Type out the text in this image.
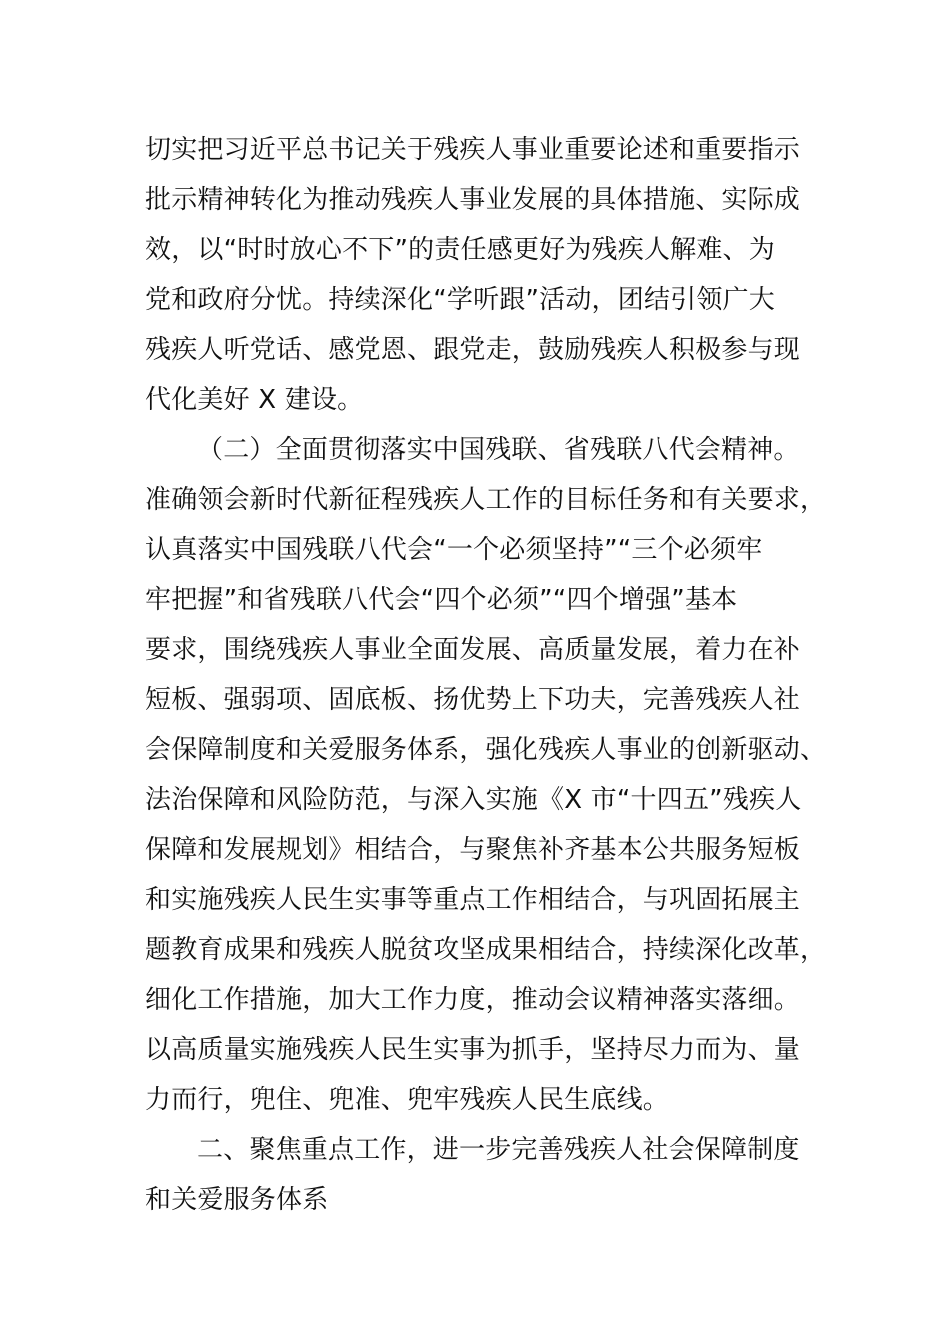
切实把习近平总书记关于残疾人事业重要论述和重要指示
批示精神转化为推动残疾人事业发展的具体措施、实际成
效，以“时时放心不下”的责任感更好为残疾人解难、为
党和政府分忧。持续深化“学听跟”活动，团结引领广大
残疾人听党话、感党恩、跟党走，鼓励残疾人积极参与现
代化美好 X 建设。
（二）全面贯彻落实中国残联、省残联八代会精神。
准确领会新时代新征程残疾人工作的目标任务和有关要求，
认真落实中国残联八代会“一个必须坚持”“三个必须牢
牢把握”和省残联八代会“四个必须”“四个增强”基本
要求，围绕残疾人事业全面发展、高质量发展，着力在补
短板、强弱项、固底板、扬优势上下功夫，完善残疾人社
会保障制度和关爱服务体系，强化残疾人事业的创新驱动、
法治保障和风险防范，与深入实施《X 市“十四五”残疾人
保障和发展规划》相结合，与聚焦补齐基本公共服务短板
和实施残疾人民生实事等重点工作相结合，与巩固拓展主
题教育成果和残疾人脱贫攻坚成果相结合，持续深化改革，
细化工作措施，加大工作力度，推动会议精神落实落细。
以高质量实施残疾人民生实事为抓手，坚持尽力而为、量
力而行，兜住、兜准、兜牢残疾人民生底线。
二、聚焦重点工作，进一步完善残疾人社会保障制度
和关爱服务体系
